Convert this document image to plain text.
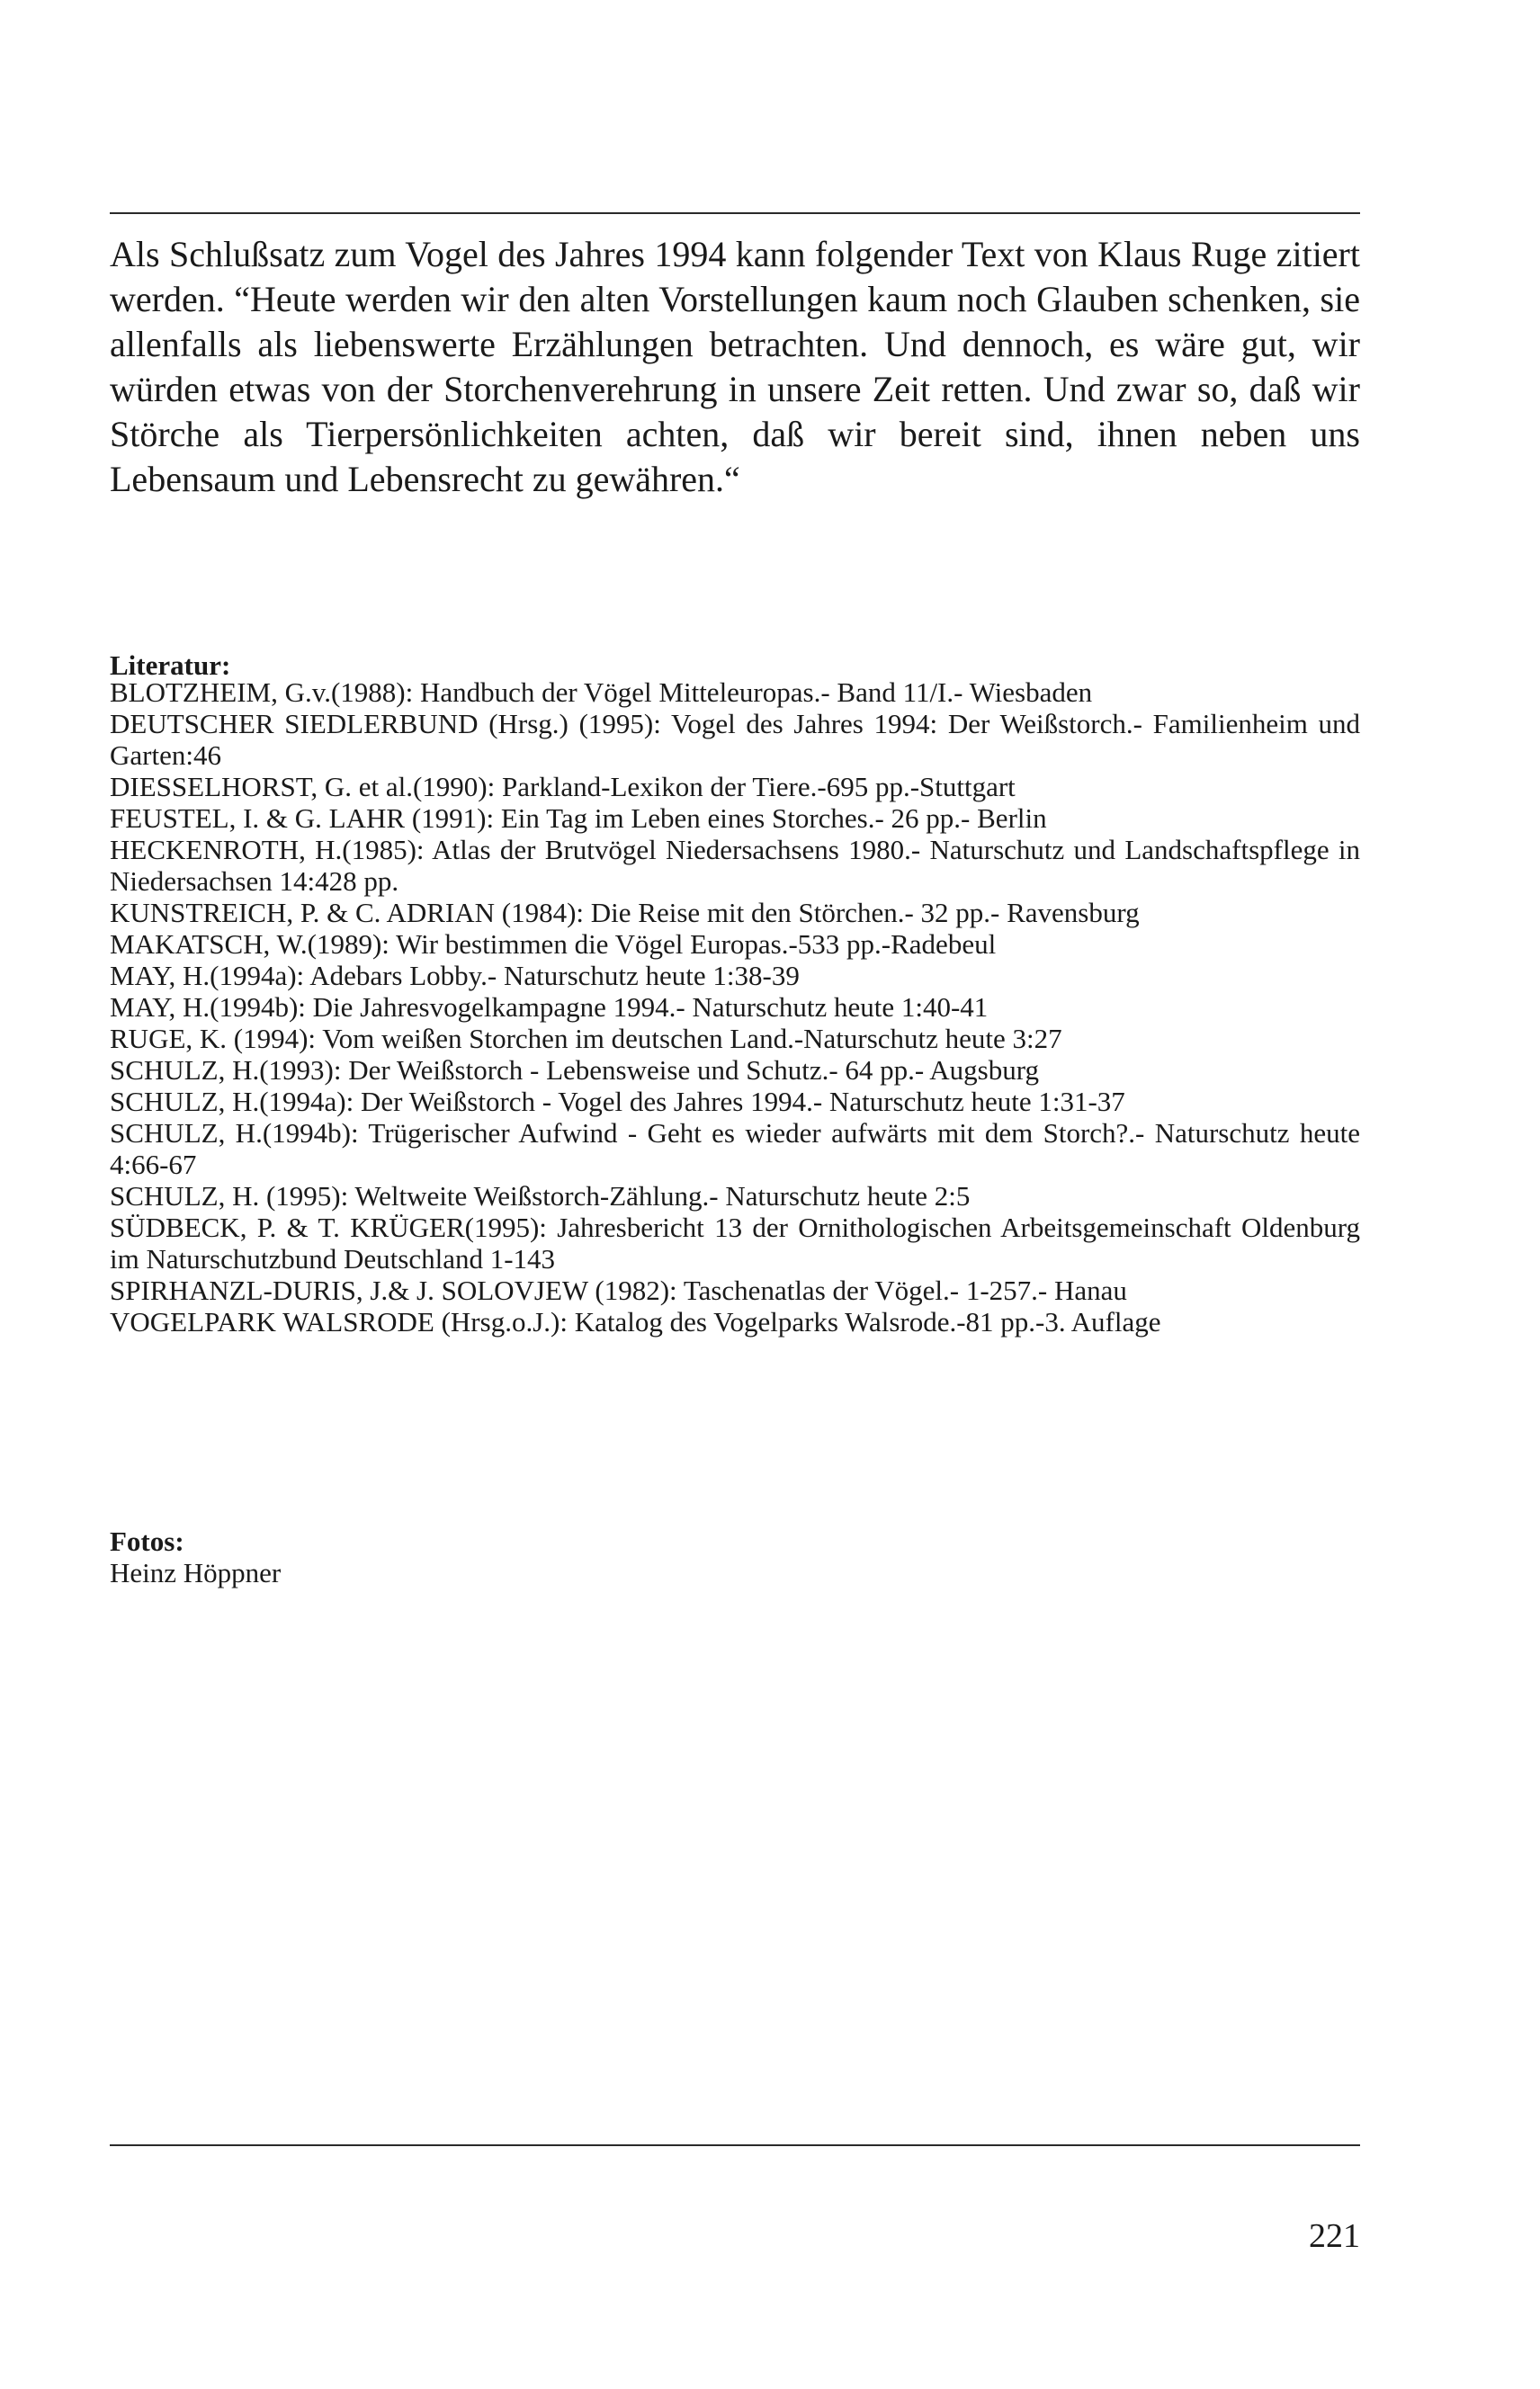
Als Schlußsatz zum Vogel des Jahres 1994 kann folgender Text von Klaus Ruge zitiert werden. “Heute werden wir den alten Vorstellungen kaum noch Glauben schenken, sie allenfalls als liebenswerte Erzählungen betrachten. Und dennoch, es wäre gut, wir würden etwas von der Storchenverehrung in unsere Zeit retten. Und zwar so, daß wir Störche als Tierpersönlichkeiten achten, daß wir bereit sind, ihnen neben uns Lebensaum und Lebensrecht zu gewähren.“

Literatur:
BLOTZHEIM, G.v.(1988): Handbuch der Vögel Mitteleuropas.- Band 11/I.- Wiesbaden
DEUTSCHER SIEDLERBUND (Hrsg.) (1995): Vogel des Jahres 1994: Der Weißstorch.- Familienheim und Garten:46
DIESSELHORST, G. et al.(1990): Parkland-Lexikon der Tiere.-695 pp.-Stuttgart
FEUSTEL, I. & G. LAHR (1991): Ein Tag im Leben eines Storches.- 26 pp.- Berlin
HECKENROTH, H.(1985): Atlas der Brutvögel Niedersachsens 1980.- Naturschutz und Landschaftspflege in Niedersachsen 14:428 pp.
KUNSTREICH, P. & C. ADRIAN (1984): Die Reise mit den Störchen.- 32 pp.- Ravensburg
MAKATSCH, W.(1989): Wir bestimmen die Vögel Europas.-533 pp.-Radebeul
MAY, H.(1994a): Adebars Lobby.- Naturschutz heute 1:38-39
MAY, H.(1994b): Die Jahresvogelkampagne 1994.- Naturschutz heute 1:40-41
RUGE, K. (1994): Vom weißen Storchen im deutschen Land.-Naturschutz heute 3:27
SCHULZ, H.(1993): Der Weißstorch - Lebensweise und Schutz.- 64 pp.- Augsburg
SCHULZ, H.(1994a): Der Weißstorch - Vogel des Jahres 1994.- Naturschutz heute 1:31-37
SCHULZ, H.(1994b): Trügerischer Aufwind - Geht es wieder aufwärts mit dem Storch?.- Naturschutz heute 4:66-67
SCHULZ, H. (1995): Weltweite Weißstorch-Zählung.- Naturschutz heute 2:5
SÜDBECK, P. & T. KRÜGER(1995): Jahresbericht 13 der Ornithologischen Arbeitsgemeinschaft Oldenburg im Naturschutzbund Deutschland 1-143
SPIRHANZL-DURIS, J.& J. SOLOVJEW (1982): Taschenatlas der Vögel.- 1-257.- Hanau
VOGELPARK WALSRODE (Hrsg.o.J.): Katalog des Vogelparks Walsrode.-81 pp.-3. Auflage
Fotos:

Heinz Höppner

221
